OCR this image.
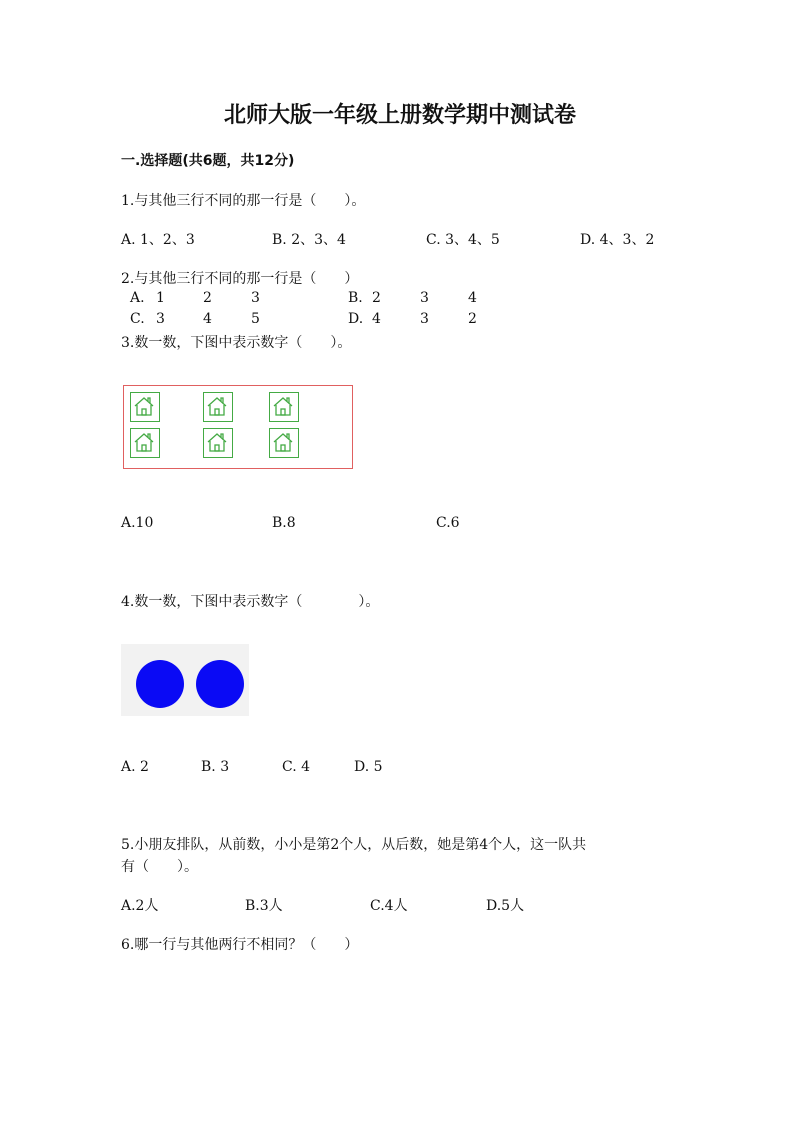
北师大版一年级上册数学期中测试卷
一.选择题(共6题，共12分)
1.与其他三行不同的那一行是（　　）。
A. 1、2、3	B. 2、3、4	C. 3、4、5	D. 4、3、2
2.与其他三行不同的那一行是（　　）
A. 1	2	3	B. 2	3	4
C. 3	4	5	D. 4	3	2
3.数一数，下图中表示数字（　　）。
A.10	B.8	C.6
4.数一数，下图中表示数字（　　　　）。
A. 2	B. 3	C. 4	D. 5
5.小朋友排队，从前数，小小是第2个人，从后数，她是第4个人，这一队共
有（　　）。
A.2人	B.3人	C.4人	D.5人
6.哪一行与其他两行不相同？（　　）
